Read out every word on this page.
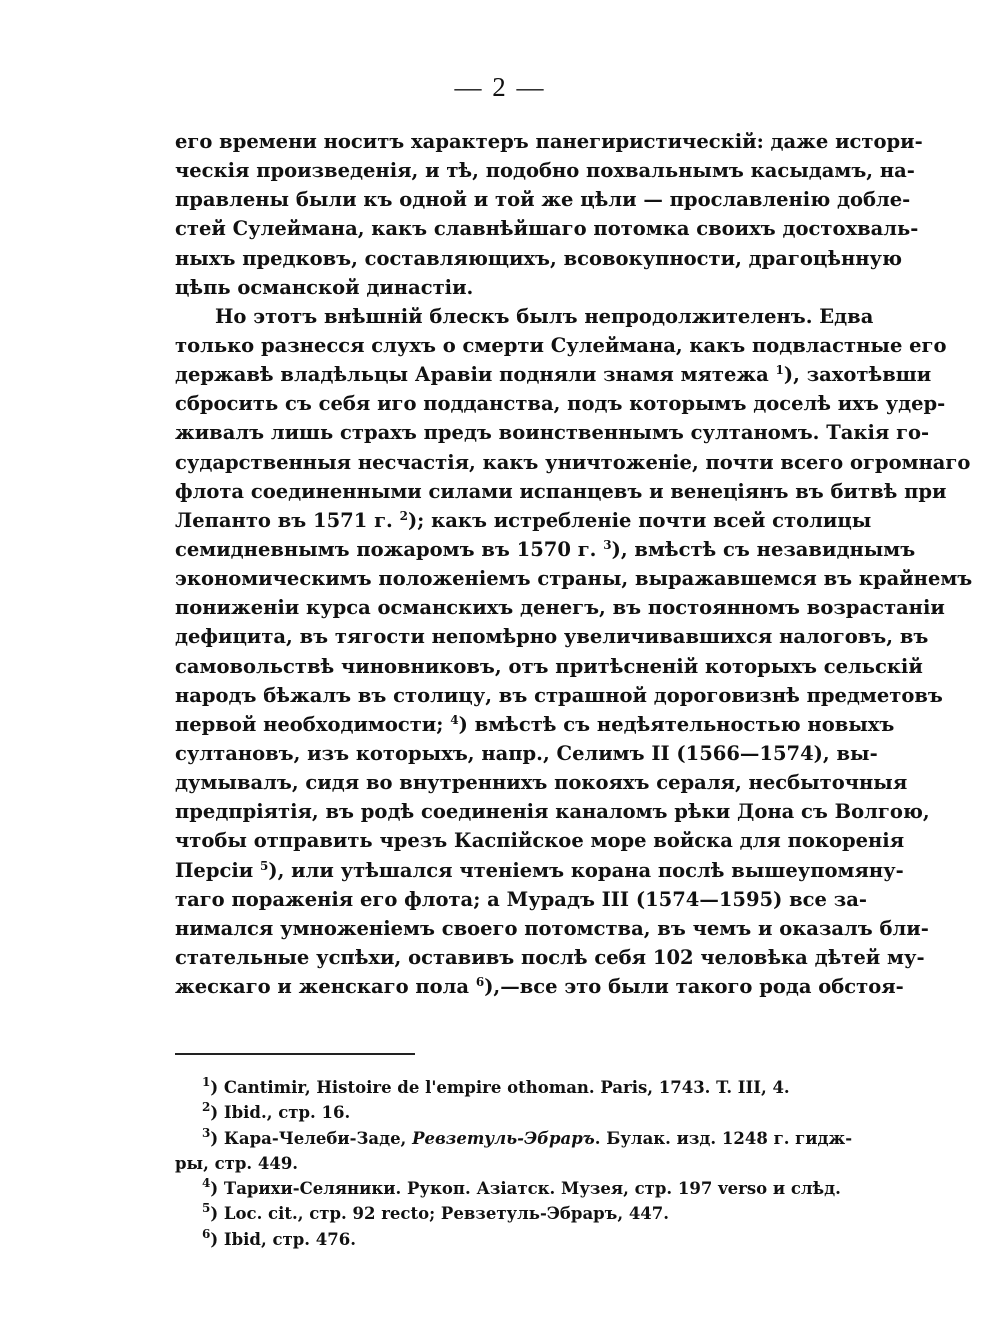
— 2 —
его времени носитъ характеръ панегиристическій: даже истори-
ческія произведенія, и тѣ, подобно похвальнымъ касыдамъ, на-
правлены были къ одной и той же цѣли — прославленію добле-
стей Сулеймана, какъ славнѣйшаго потомка своихъ достохваль-
ныхъ предковъ, составляющихъ, всовокупности, драгоцѣнную
цѣпь османской династіи.
Но этотъ внѣшній блескъ былъ непродолжителенъ. Едва
только разнесся слухъ о смерти Сулеймана, какъ подвластные его
державѣ владѣльцы Аравіи подняли знамя мятежа $^1$), захотѣвши
сбросить съ себя иго подданства, подъ которымъ доселѣ ихъ удер-
живалъ лишь страхъ предъ воинственнымъ султаномъ. Такія го-
сударственныя несчастія, какъ уничтоженіе, почти всего огромнаго
флота соединенными силами испанцевъ и венеціянъ въ битвѣ при
Лепанто въ 1571 г. $^2$); какъ истребленіе почти всей столицы
семидневнымъ пожаромъ въ 1570 г. $^3$), вмѣстѣ съ незавиднымъ
экономическимъ положеніемъ страны, выражавшемся въ крайнемъ
пониженіи курса османскихъ денегъ, въ постоянномъ возрастаніи
дефицита, въ тягости непомѣрно увеличивавшихся налоговъ, въ
самовольствѣ чиновниковъ, отъ притѣсненій которыхъ сельскій
народъ бѣжалъ въ столицу, въ страшной дороговизнѣ предметовъ
первой необходимости; $^4$) вмѣстѣ съ недѣятельностью новыхъ
султановъ, изъ которыхъ, напр., Селимъ II (1566—1574), вы-
думывалъ, сидя во внутреннихъ покояхъ сераля, несбыточныя
предпріятія, въ родѣ соединенія каналомъ рѣки Дона съ Волгою,
чтобы отправить чрезъ Каспійское море войска для покоренія
Персіи $^5$), или утѣшался чтеніемъ корана послѣ вышеупомяну-
таго пораженія его флота; а Мурадъ III (1574—1595) все за-
нимался умноженіемъ своего потомства, въ чемъ и оказалъ бли-
стательные успѣхи, оставивъ послѣ себя 102 человѣка дѣтей му-
жескаго и женскаго пола $^6$),—все это были такого рода обстоя-
$^1$) Cantimir, Histoire de l'empire othoman. Paris, 1743. T. III, 4.
$^2$) Ibid., стр. 16.
$^3$) Кара-Челеби-Заде, Ревзетуль-Эбраръ. Булак. изд. 1248 г. гидж-
ры, стр. 449.
$^4$) Тарихи-Селяники. Рукоп. Азіатск. Музея, стр. 197 verso и слѣд.
$^5$) Loc. cit., стр. 92 recto; Ревзетуль-Эбраръ, 447.
$^6$) Ibid, стр. 476.
